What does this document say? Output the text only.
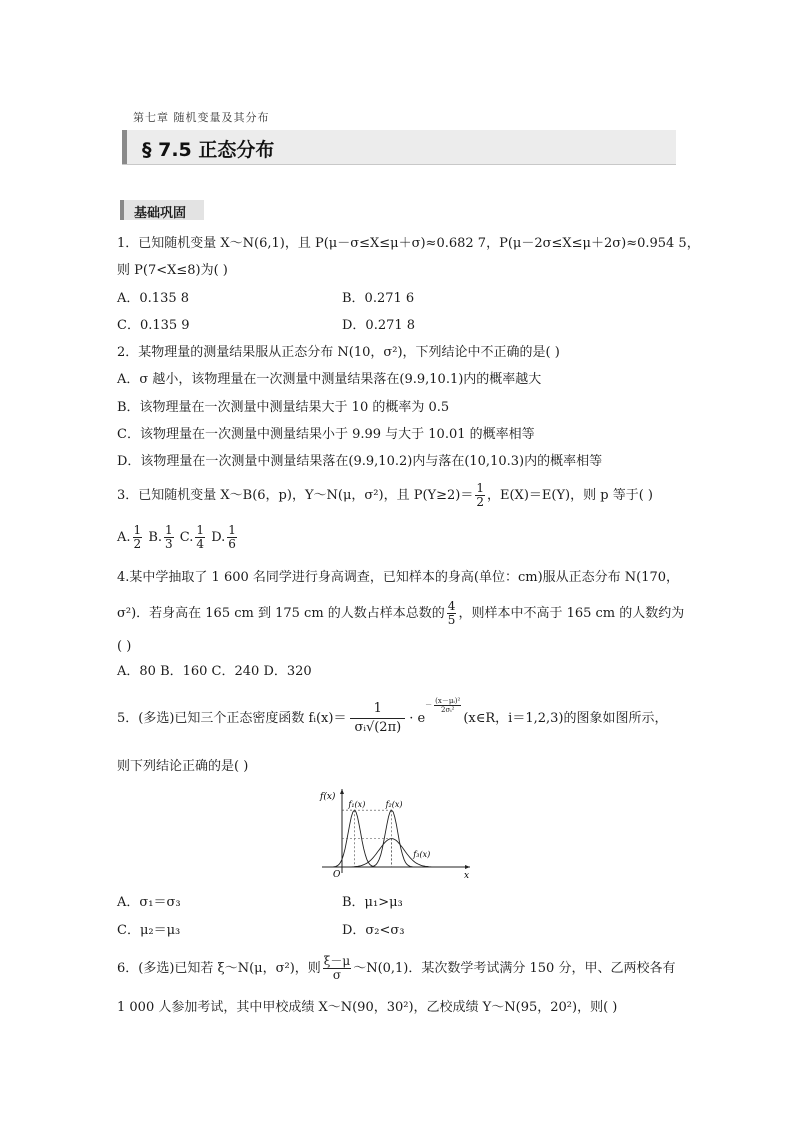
第七章 随机变量及其分布
§ 7.5 正态分布
基础巩固
1．已知随机变量 X～N(6,1)，且 P(μ－σ≤X≤μ＋σ)≈0.682 7，P(μ－2σ≤X≤μ＋2σ)≈0.954 5，
则 P(7<X≤8)为( )
A．0.135 8	B．0.271 6
C．0.135 9	D．0.271 8
2．某物理量的测量结果服从正态分布 N(10，σ²)，下列结论中不正确的是( )
A．σ 越小，该物理量在一次测量中测量结果落在(9.9,10.1)内的概率越大
B．该物理量在一次测量中测量结果大于 10 的概率为 0.5
C．该物理量在一次测量中测量结果小于 9.99 与大于 10.01 的概率相等
D．该物理量在一次测量中测量结果落在(9.9,10.2)内与落在(10,10.3)内的概率相等
3．已知随机变量 X～B(6，p)，Y～N(μ，σ²)，且 $P(Y\ge 2)= \frac{1}{2}$ ，E(X)＝E(Y)，则 p 等于( )
A. $\frac{1}{2} B$. $\frac{1}{3} C$. $\frac{1}{4} D$. $\frac{1}{6}$
4.某中学抽取了 1 600 名同学进行身高调查，已知样本的身高(单位：cm)服从正态分布 N(170，
σ²)．若身高在 165 cm 到 175 cm 的人数占样本总数的 $\frac{4}{5}$ ，则样本中不高于 165 cm 的人数约为
( )
A．80 B．160 C．240 D．320
5．(多选)已知三个正态密度函数 fᵢ(x)＝ $\frac{1}{\text{σᵢ√(2π)}} \cdot e^{- \frac{\text{(x－μᵢ)²}}{\text{2σᵢ²}}}$
(x∈R，i＝1,2,3)的图象如图所示，
则下列结论正确的是( )
f(x)
x
O
f₁(x)	f₂(x)
f₃(x)
A．σ₁＝σ₃	B．μ₁>μ₃
C．μ₂＝μ₃	D．σ₂<σ₃
6．(多选)已知若 ξ～N(μ，σ²)，则 $\frac{\xi-\mu}{\sigma}$ ～N(0,1)．某次数学考试满分 150 分，甲、乙两校各有
1 000 人参加考试，其中甲校成绩 X～N(90，30²)，乙校成绩 Y～N(95，20²)，则( )
